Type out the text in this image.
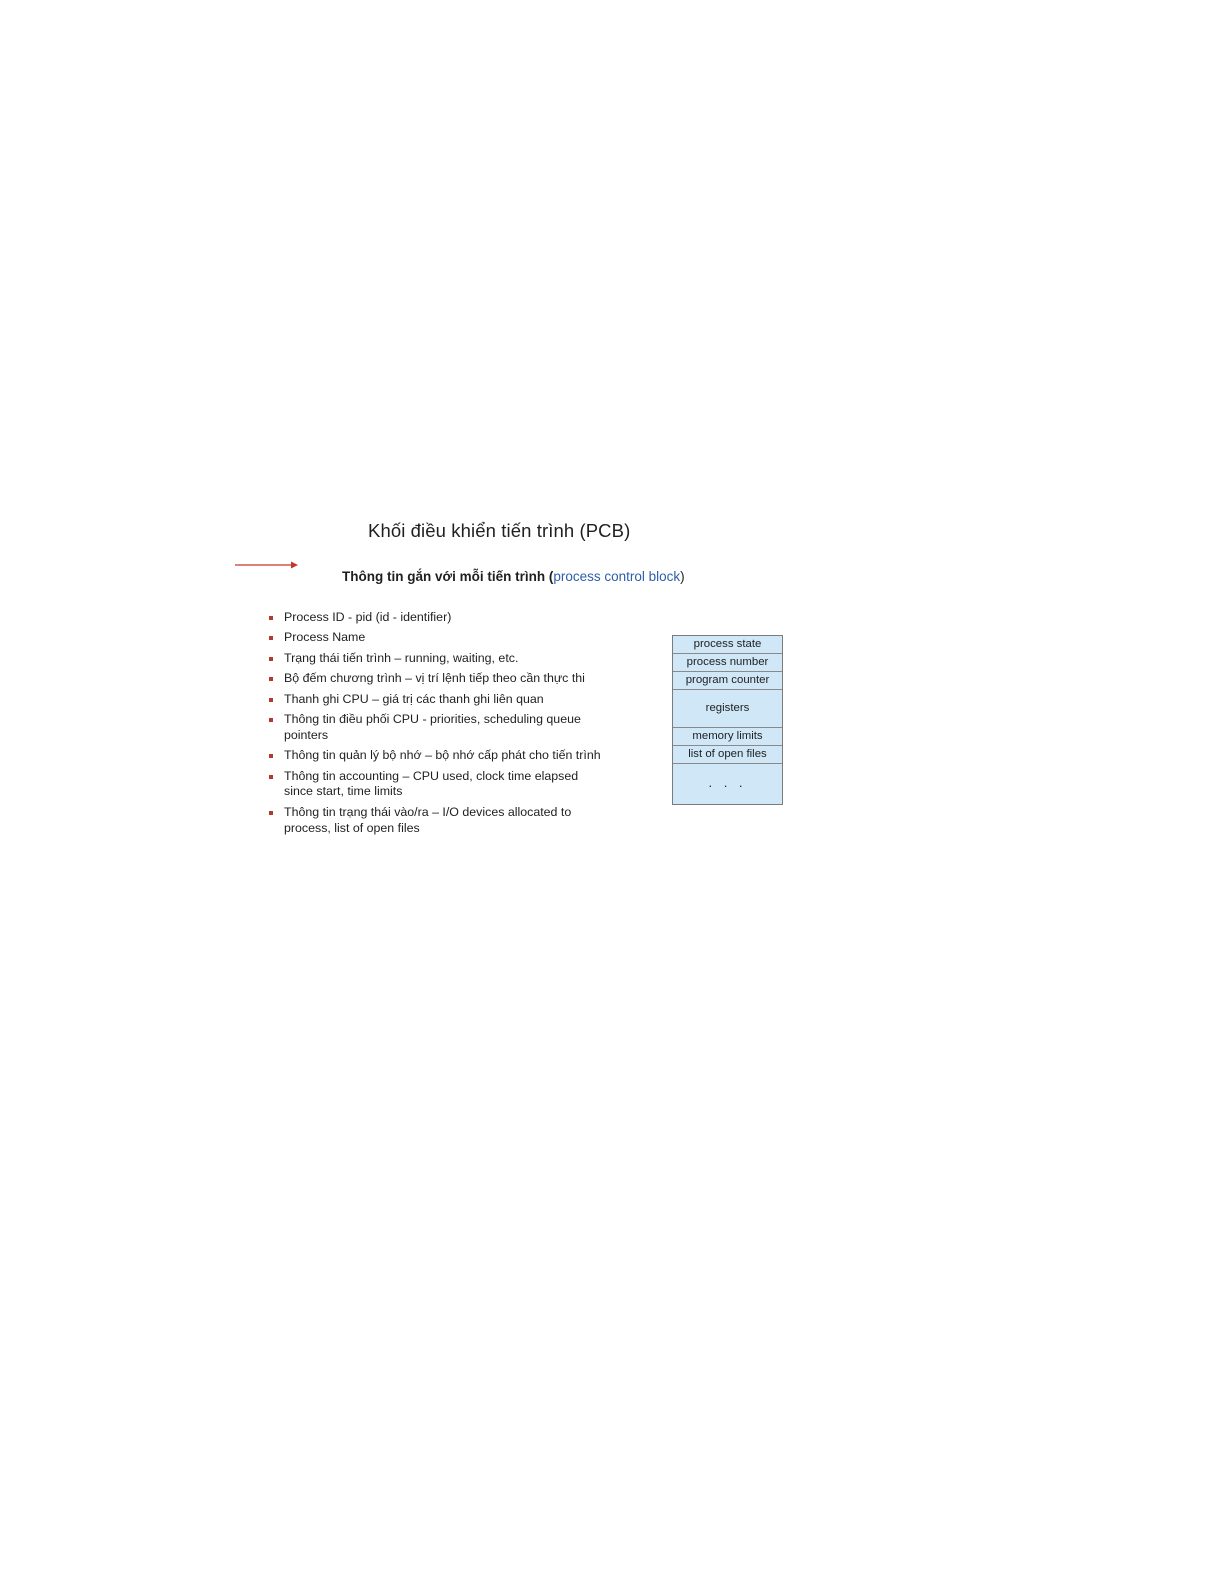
Khối điều khiển tiến trình (PCB)
Thông tin gắn với mỗi tiến trình (process control block)
Process ID - pid (id - identifier)
Process Name
Trạng thái tiến trình – running, waiting, etc.
Bộ đếm chương trình – vị trí lệnh tiếp theo cần thực thi
Thanh ghi CPU – giá trị các thanh ghi liên quan
Thông tin điều phối CPU - priorities, scheduling queue pointers
Thông tin quản lý bộ nhớ – bộ nhớ cấp phát cho tiến trình
Thông tin accounting – CPU used, clock time elapsed since start, time limits
Thông tin trạng thái vào/ra – I/O devices allocated to process, list of open files
process state
process number
program counter
registers
memory limits
list of open files
. . .
